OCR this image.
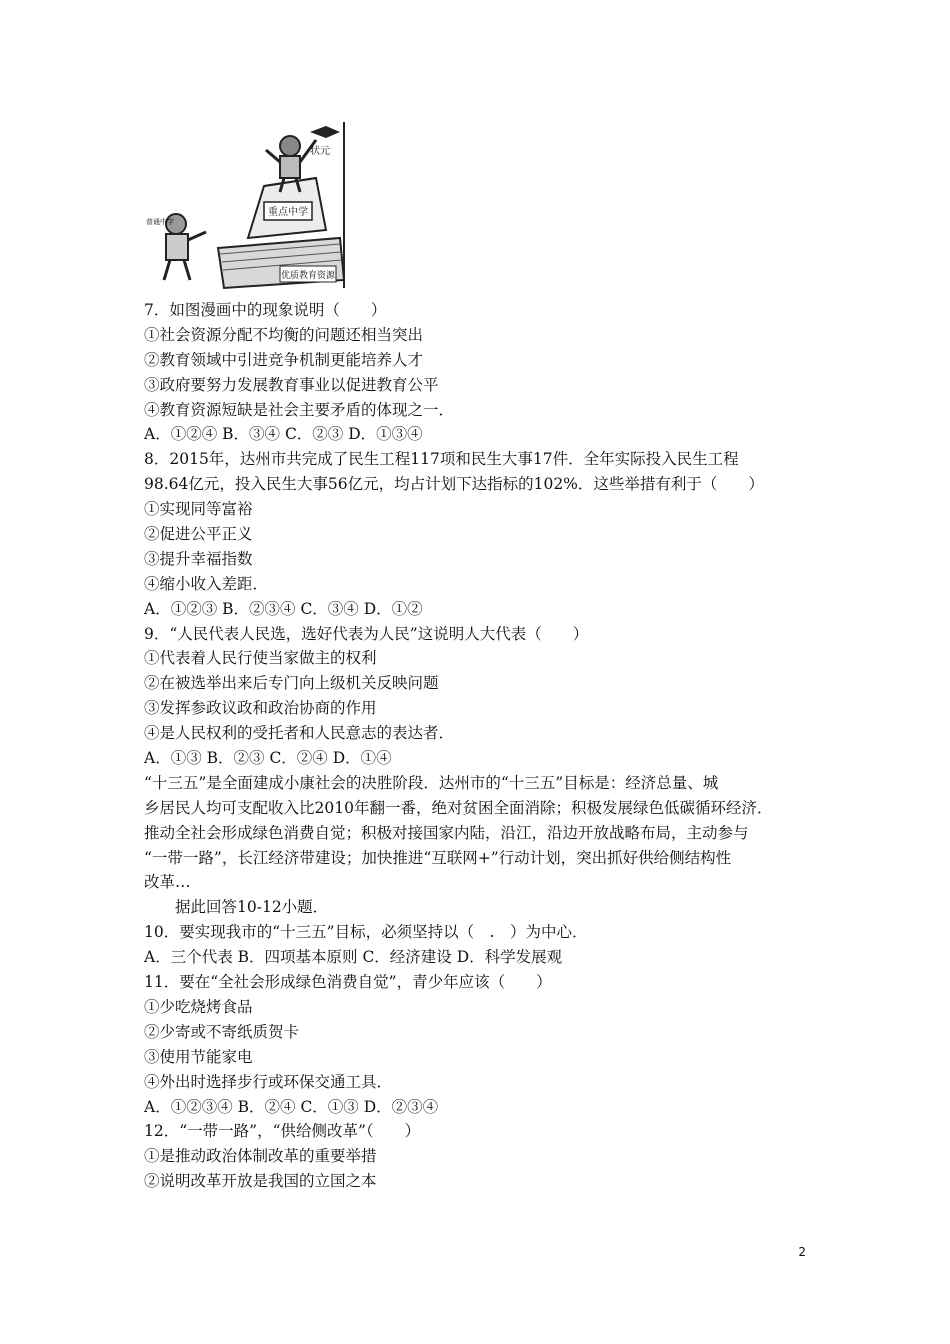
优质教育资源
重点中学
状元
普通中学
7．如图漫画中的现象说明（　　）
①社会资源分配不均衡的问题还相当突出
②教育领域中引进竞争机制更能培养人才
③政府要努力发展教育事业以促进教育公平
④教育资源短缺是社会主要矛盾的体现之一．
A．①②④ B．③④ C．②③ D．①③④
8．2015年，达州市共完成了民生工程117项和民生大事17件．全年实际投入民生工程
98.64亿元，投入民生大事56亿元，均占计划下达指标的102%．这些举措有利于（　　）
①实现同等富裕
②促进公平正义
③提升幸福指数
④缩小收入差距．
A．①②③ B．②③④ C．③④ D．①②
9．“人民代表人民选，选好代表为人民”这说明人大代表（　　）
①代表着人民行使当家做主的权利
②在被选举出来后专门向上级机关反映问题
③发挥参政议政和政治协商的作用
④是人民权利的受托者和人民意志的表达者．
A．①③ B．②③ C．②④ D．①④
“十三五”是全面建成小康社会的决胜阶段．达州市的“十三五”目标是：经济总量、城
乡居民人均可支配收入比2010年翻一番，绝对贫困全面消除；积极发展绿色低碳循环经济．
推动全社会形成绿色消费自觉；积极对接国家内陆，沿江，沿边开放战略布局，主动参与
“一带一路”，长江经济带建设；加快推进“互联网+”行动计划，突出抓好供给侧结构性
改革…
据此回答10-12小题．
10．要实现我市的“十三五”目标，必须坚持以（　.　）为中心．
A．三个代表 B．四项基本原则 C．经济建设 D．科学发展观
11．要在“全社会形成绿色消费自觉”，青少年应该（　　）
①少吃烧烤食品
②少寄或不寄纸质贺卡
③使用节能家电
④外出时选择步行或环保交通工具．
A．①②③④ B．②④ C．①③ D．②③④
12．“一带一路”，“供给侧改革”（　　）
①是推动政治体制改革的重要举措
②说明改革开放是我国的立国之本
2
